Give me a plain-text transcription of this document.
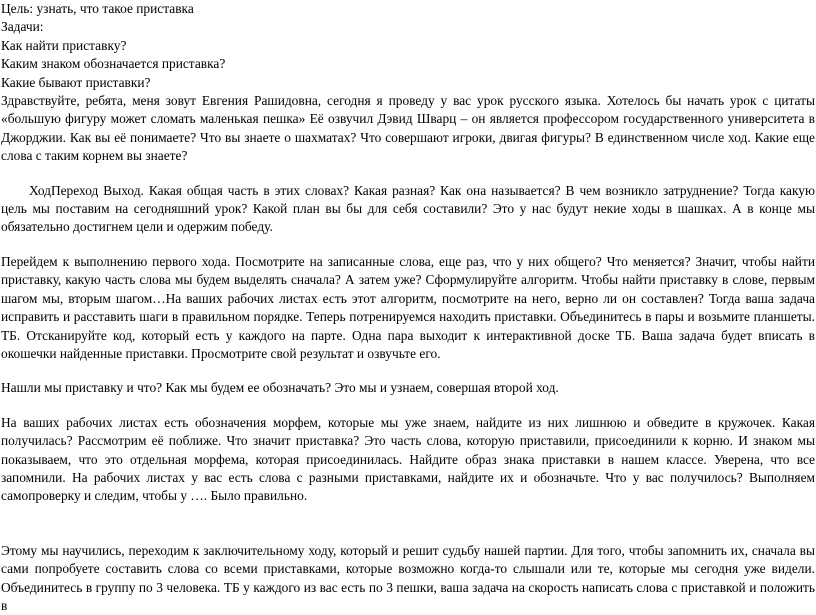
Цель: узнать, что такое приставка

Задачи:

Как найти приставку?

Каким знаком обозначается приставка?

Какие бывают приставки?

Здравствуйте, ребята, меня зовут Евгения Рашидовна, сегодня я проведу у вас урок русского языка. Хотелось бы начать урок с цитаты «большую фигуру может сломать маленькая пешка» Её озвучил Дэвид Шварц – он является профессором государственного университета в Джорджии. Как вы её понимаете? Что вы знаете о шахматах? Что совершают игроки, двигая фигуры? В единственном числе ход. Какие еще слова с таким корнем вы знаете?

ХодПереход Выход. Какая общая часть в этих словах? Какая разная? Как она называется? В чем возникло затруднение? Тогда какую цель мы поставим на сегодняшний урок? Какой план вы бы для себя составили? Это у нас будут некие ходы в шашках. А в конце мы обязательно достигнем цели и одержим победу.

Перейдем к выполнению первого хода. Посмотрите на записанные слова, еще раз, что у них общего? Что меняется? Значит, чтобы найти приставку, какую часть слова мы будем выделять сначала? А затем уже? Сформулируйте алгоритм. Чтобы найти приставку в слове, первым шагом мы, вторым шагом…На ваших рабочих листах есть этот алгоритм, посмотрите на него, верно ли он составлен? Тогда ваша задача исправить и расставить шаги в правильном порядке. Теперь потренируемся находить приставки. Объединитесь в пары и возьмите планшеты. ТБ. Отсканируйте код, который есть у каждого на парте. Одна пара выходит к интерактивной доске ТБ. Ваша задача будет вписать в окошечки найденные приставки. Просмотрите свой результат и озвучьте его.

Нашли мы приставку и что? Как мы будем ее обозначать? Это мы и узнаем, совершая второй ход.

На ваших рабочих листах есть обозначения морфем, которые мы уже знаем, найдите из них лишнюю и обведите в кружочек. Какая получилась? Рассмотрим её поближе. Что значит приставка? Это часть слова, которую приставили, присоединили к корню. И знаком мы показываем, что это отдельная морфема, которая присоединилась. Найдите образ знака приставки в нашем классе. Уверена, что все запомнили. На рабочих листах у вас есть слова с разными приставками, найдите их и обозначьте. Что у вас получилось? Выполняем самопроверку и следим, чтобы у …. Было правильно.

Этому мы научились, переходим к заключительному ходу, который и решит судьбу нашей партии. Для того, чтобы запомнить их, сначала вы сами попробуете составить слова со всеми приставками, которые возможно когда-то слышали или те, которые мы сегодня уже видели. Объединитесь в группу по 3 человека. ТБ у каждого из вас есть по 3 пешки, ваша задача на скорость написать слова с приставкой и положить в
